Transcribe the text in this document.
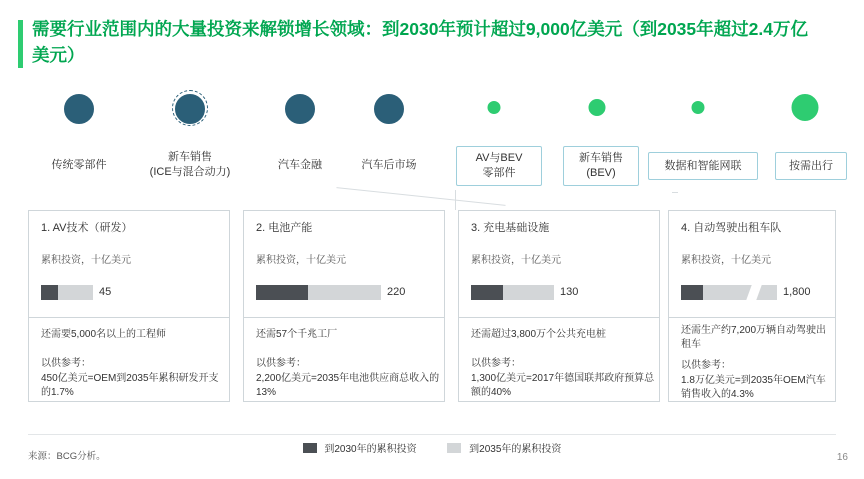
需要行业范围内的大量投资来解锁增长领域：到2030年预计超过9,000亿美元（到2035年超过2.4万亿美元）
传统零部件
新车销售
(ICE与混合动力)
汽车金融	汽车后市场
AV与BEV
零部件
新车销售
(BEV)
数据和智能网联	按需出行
1. AV技术（研发）
累积投资，十亿美元
45
还需要5,000名以上的工程师
以供参考：
450亿美元=OEM到2035年累积研发开支的1.7%
2. 电池产能
累积投资，十亿美元
220
还需57个千兆工厂
以供参考：
2,200亿美元=2035年电池供应商总收入的13%
3. 充电基础设施
累积投资，十亿美元
130
还需超过3,800万个公共充电桩
以供参考：
1,300亿美元=2017年德国联邦政府预算总额的40%
4. 自动驾驶出租车队
累积投资，十亿美元
1,800
还需生产约7,200万辆自动驾驶出租车
以供参考：
1.8万亿美元=到2035年OEM汽车销售收入的4.3%
到2030年的累积投资	到2035年的累积投资
来源：BCG分析。	16
